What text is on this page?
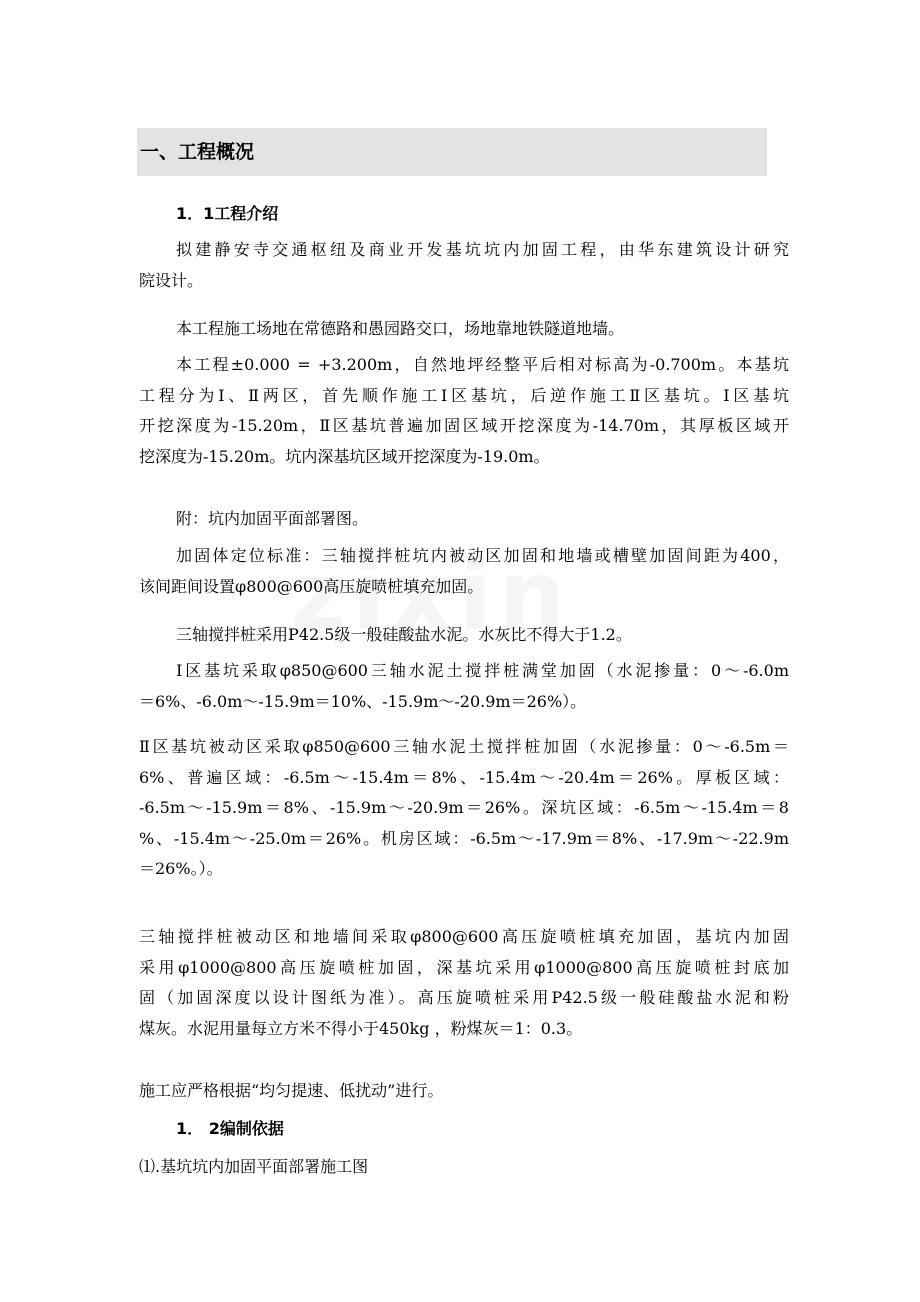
一、工程概况
1．1工程介绍
拟建静安寺交通枢纽及商业开发基坑坑内加固工程，由华东建筑设计研究
院设计。
本工程施工场地在常德路和愚园路交口，场地靠地铁隧道地墙。
本工程±0.000 = +3.200m，自然地坪经整平后相对标高为-0.700m。本基坑
工程分为Ⅰ、Ⅱ两区，首先顺作施工Ⅰ区基坑，后逆作施工Ⅱ区基坑。Ⅰ区基坑
开挖深度为-15.20m，Ⅱ区基坑普遍加固区域开挖深度为-14.70m，其厚板区域开
挖深度为-15.20m。坑内深基坑区域开挖深度为-19.0m。
附：坑内加固平面部署图。
加固体定位标准：三轴搅拌桩坑内被动区加固和地墙或槽壁加固间距为400，
该间距间设置φ800@600高压旋喷桩填充加固。
三轴搅拌桩采用P42.5级一般硅酸盐水泥。水灰比不得大于1.2。
Ⅰ区基坑采取φ850@600三轴水泥土搅拌桩满堂加固（水泥掺量：0～-6.0m
＝6%、-6.0m～-15.9m＝10%、-15.9m～-20.9m＝26%）。
Ⅱ区基坑被动区采取φ850@600三轴水泥土搅拌桩加固（水泥掺量：0～-6.5m＝
6%、普遍区域：-6.5m～-15.4m＝8%、-15.4m～-20.4m＝26%。厚板区域：
-6.5m～-15.9m＝8%、-15.9m～-20.9m＝26%。深坑区域：-6.5m～-15.4m＝8
%、-15.4m～-25.0m＝26%。机房区域：-6.5m～-17.9m＝8%、-17.9m～-22.9m
＝26%。）。
三轴搅拌桩被动区和地墙间采取φ800@600高压旋喷桩填充加固，基坑内加固
采用φ1000@800高压旋喷桩加固，深基坑采用φ1000@800高压旋喷桩封底加
固（加固深度以设计图纸为准）。高压旋喷桩采用P42.5级一般硅酸盐水泥和粉
煤灰。水泥用量每立方米不得小于450kg ，粉煤灰＝1：0.3。
施工应严格根据“均匀提速、低扰动”进行。
1． 2编制依据
⑴.基坑坑内加固平面部署施工图
